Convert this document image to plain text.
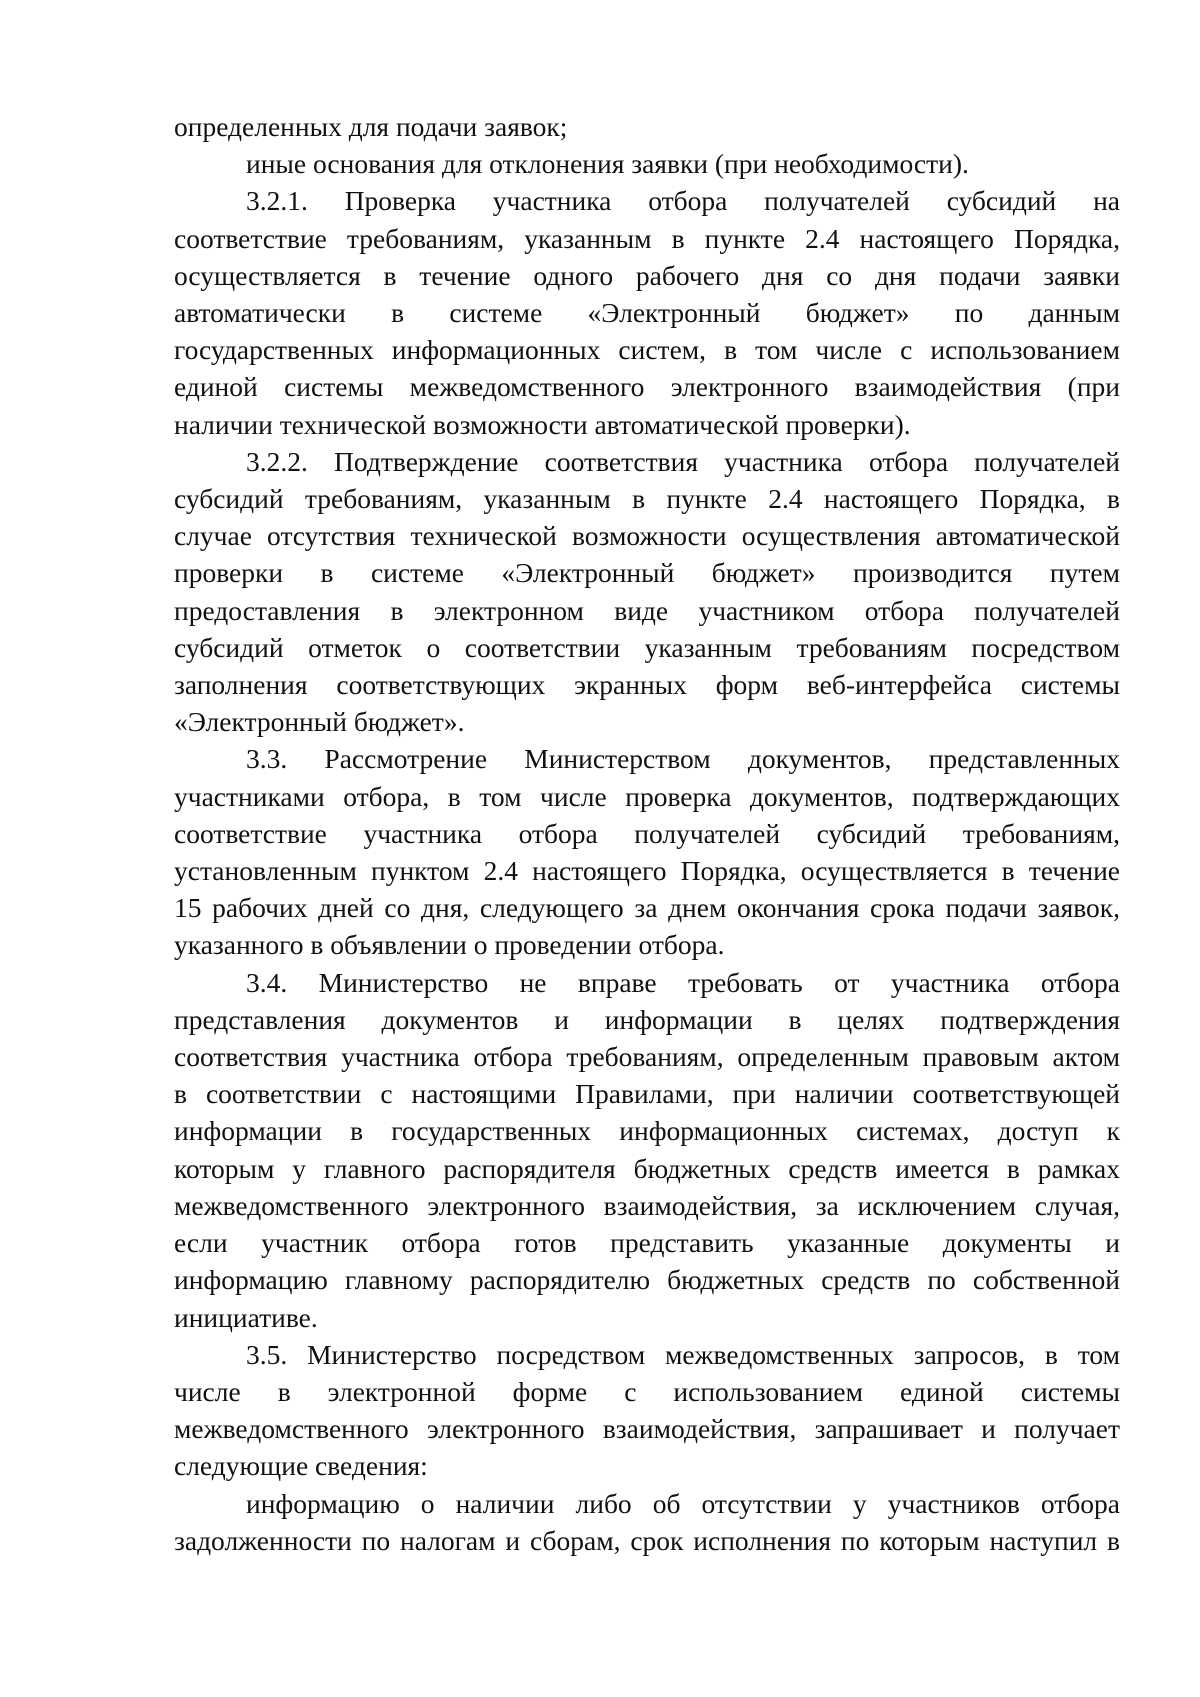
определенных для подачи заявок;
иные основания для отклонения заявки (при необходимости).
3.2.1. Проверка участника отбора получателей субсидий на
соответствие требованиям, указанным в пункте 2.4 настоящего Порядка,
осуществляется в течение одного рабочего дня со дня подачи заявки
автоматически в системе «Электронный бюджет» по данным
государственных информационных систем, в том числе с использованием
единой системы межведомственного электронного взаимодействия (при
наличии технической возможности автоматической проверки).
3.2.2. Подтверждение соответствия участника отбора получателей
субсидий требованиям, указанным в пункте 2.4 настоящего Порядка, в
случае отсутствия технической возможности осуществления автоматической
проверки в системе «Электронный бюджет» производится путем
предоставления в электронном виде участником отбора получателей
субсидий отметок о соответствии указанным требованиям посредством
заполнения соответствующих экранных форм веб-интерфейса системы
«Электронный бюджет».
3.3. Рассмотрение Министерством документов, представленных
участниками отбора, в том числе проверка документов, подтверждающих
соответствие участника отбора получателей субсидий требованиям,
установленным пунктом 2.4 настоящего Порядка, осуществляется в течение
15 рабочих дней со дня, следующего за днем окончания срока подачи заявок,
указанного в объявлении о проведении отбора.
3.4. Министерство не вправе требовать от участника отбора
представления документов и информации в целях подтверждения
соответствия участника отбора требованиям, определенным правовым актом
в соответствии с настоящими Правилами, при наличии соответствующей
информации в государственных информационных системах, доступ к
которым у главного распорядителя бюджетных средств имеется в рамках
межведомственного электронного взаимодействия, за исключением случая,
если участник отбора готов представить указанные документы и
информацию главному распорядителю бюджетных средств по собственной
инициативе.
3.5. Министерство посредством межведомственных запросов, в том
числе в электронной форме с использованием единой системы
межведомственного электронного взаимодействия, запрашивает и получает
следующие сведения:
информацию о наличии либо об отсутствии у участников отбора
задолженности по налогам и сборам, срок исполнения по которым наступил в
